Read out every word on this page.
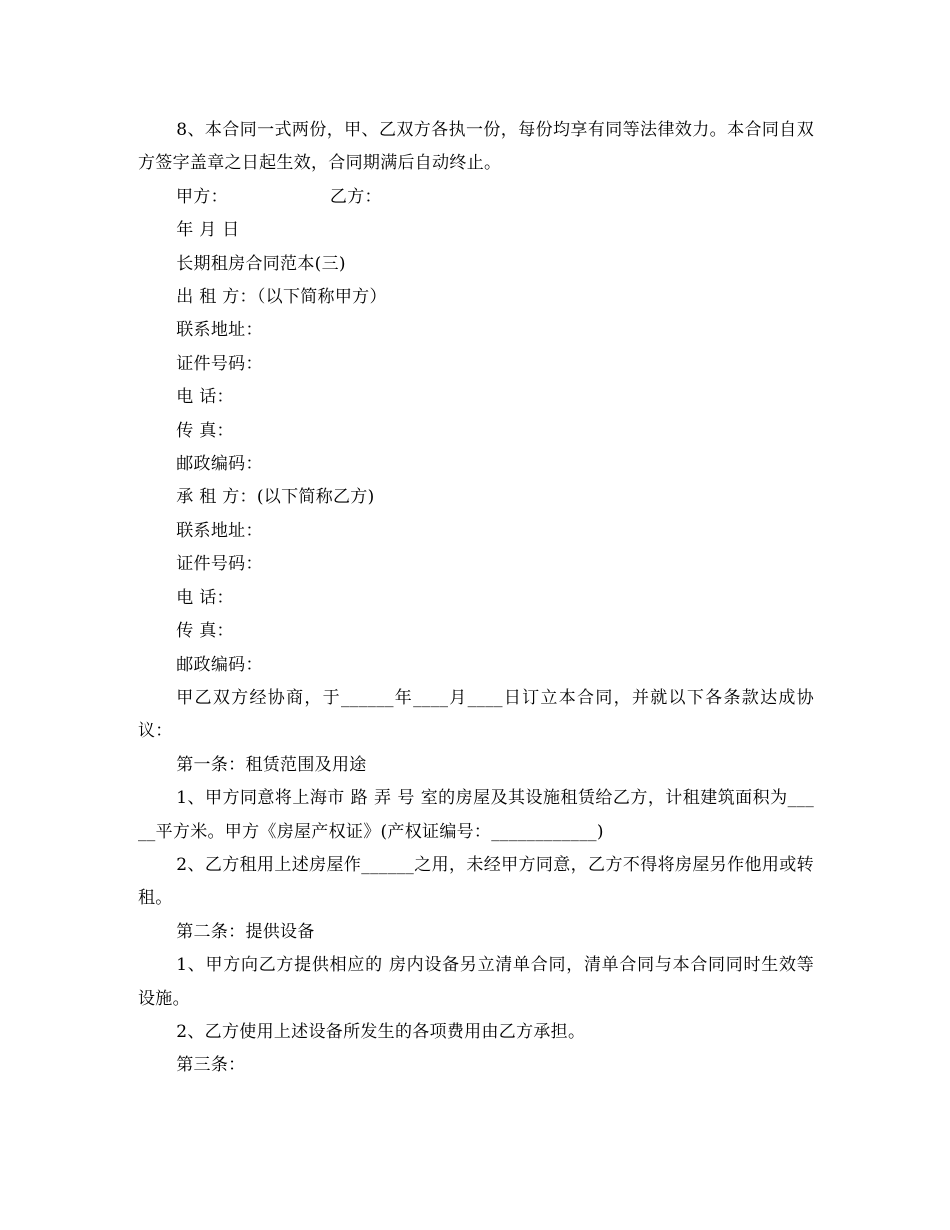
8、本合同一式两份，甲、乙双方各执一份，每份均享有同等法律效力。本合同自双方签字盖章之日起生效，合同期满后自动终止。

甲方：	乙方：

年 月 日

长期租房合同范本(三)

出 租 方：（以下简称甲方）

联系地址：

证件号码：

电 话：

传 真：

邮政编码：

承 租 方：(以下简称乙方)

联系地址：

证件号码：

电 话：

传 真：

邮政编码：

甲乙双方经协商，于______年____月____日订立本合同，并就以下各条款达成协议：

第一条：租赁范围及用途

1、甲方同意将上海市 路 弄 号 室的房屋及其设施租赁给乙方，计租建筑面积为_____平方米。甲方《房屋产权证》(产权证编号：____________)

2、乙方租用上述房屋作______之用，未经甲方同意，乙方不得将房屋另作他用或转租。

第二条：提供设备

1、甲方向乙方提供相应的 房内设备另立清单合同，清单合同与本合同同时生效等设施。

2、乙方使用上述设备所发生的各项费用由乙方承担。

第三条：
